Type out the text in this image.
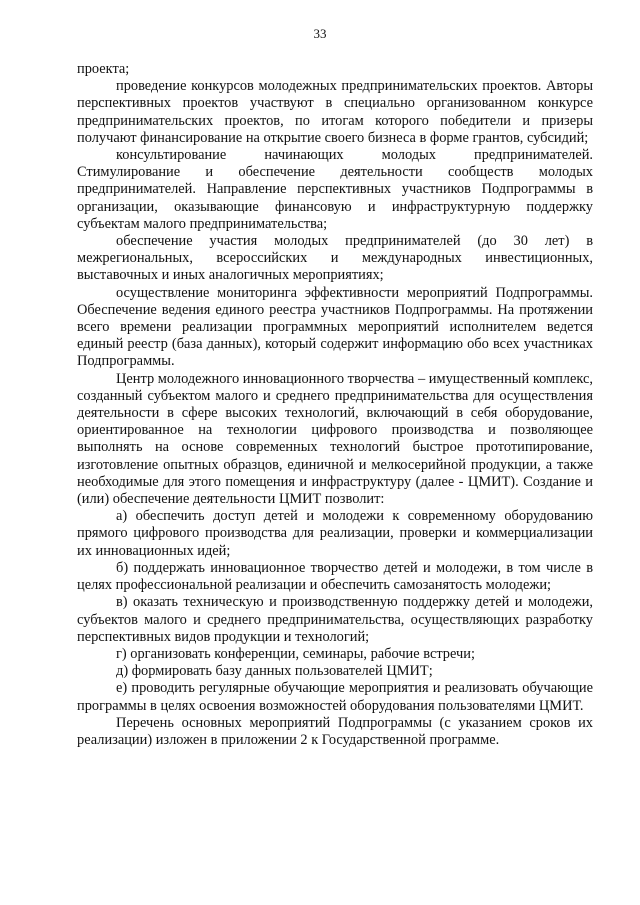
33

проекта;

проведение конкурсов молодежных предпринимательских проектов. Авторы перспективных проектов участвуют в специально организованном конкурсе предпринимательских проектов, по итогам которого победители и призеры получают финансирование на открытие своего бизнеса в форме грантов, субсидий;

консультирование начинающих молодых предпринимателей. Стимулирование и обеспечение деятельности сообществ молодых предпринимателей. Направление перспективных участников Подпрограммы в организации, оказывающие финансовую и инфраструктурную поддержку субъектам малого предпринимательства;

обеспечение участия молодых предпринимателей (до 30 лет) в межрегиональных, всероссийских и международных инвестиционных, выставочных и иных аналогичных мероприятиях;

осуществление мониторинга эффективности мероприятий Подпрограммы. Обеспечение ведения единого реестра участников Подпрограммы. На протяжении всего времени реализации программных мероприятий исполнителем ведется единый реестр (база данных), который содержит информацию обо всех участниках Подпрограммы.

Центр молодежного инновационного творчества – имущественный комплекс, созданный субъектом малого и среднего предпринимательства для осуществления деятельности в сфере высоких технологий, включающий в себя оборудование, ориентированное на технологии цифрового производства и позволяющее выполнять на основе современных технологий быстрое прототипирование, изготовление опытных образцов, единичной и мелкосерийной продукции, а также необходимые для этого помещения и инфраструктуру (далее - ЦМИТ). Создание и (или) обеспечение деятельности ЦМИТ позволит:

а) обеспечить доступ детей и молодежи к современному оборудованию прямого цифрового производства для реализации, проверки и коммерциализации их инновационных идей;

б) поддержать инновационное творчество детей и молодежи, в том числе в целях профессиональной реализации и обеспечить самозанятость молодежи;

в) оказать техническую и производственную поддержку детей и молодежи, субъектов малого и среднего предпринимательства, осуществляющих разработку перспективных видов продукции и технологий;

г) организовать конференции, семинары, рабочие встречи;

д) формировать базу данных пользователей ЦМИТ;

е) проводить регулярные обучающие мероприятия и реализовать обучающие программы в целях освоения возможностей оборудования пользователями ЦМИТ.

Перечень основных мероприятий Подпрограммы (с указанием сроков их реализации) изложен в приложении 2 к Государственной программе.
